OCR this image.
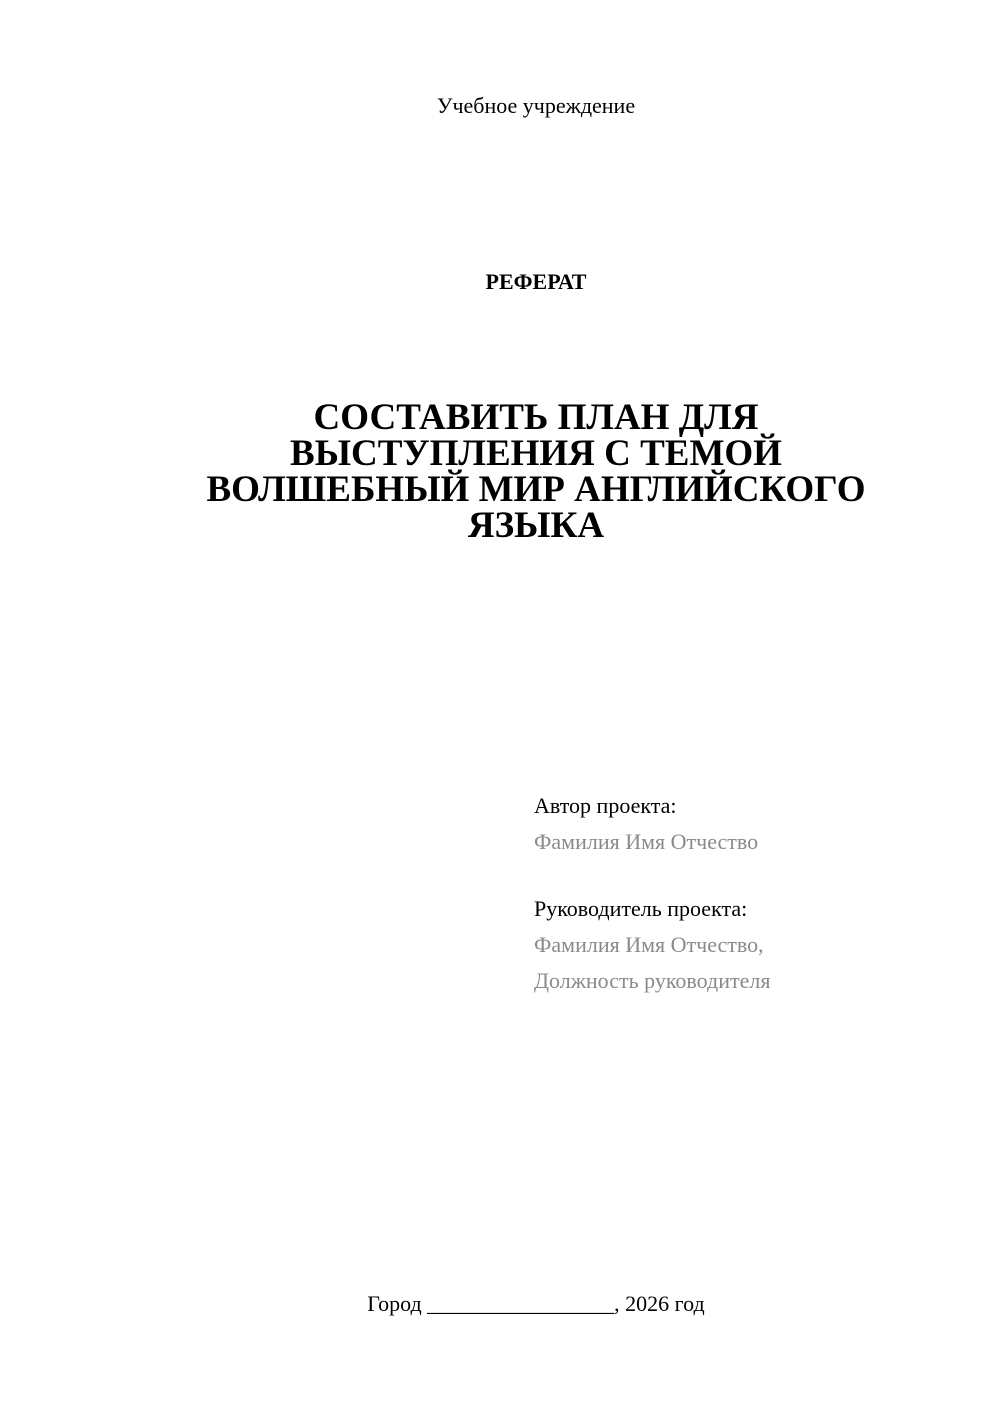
Учебное учреждение
РЕФЕРАТ
СОСТАВИТЬ ПЛАН ДЛЯ
ВЫСТУПЛЕНИЯ С ТЕМОЙ
ВОЛШЕБНЫЙ МИР АНГЛИЙСКОГО
ЯЗЫКА
Автор проекта:
Фамилия Имя Отчество
Руководитель проекта:
Фамилия Имя Отчество,
Должность руководителя
Город _________________, 2026 год
